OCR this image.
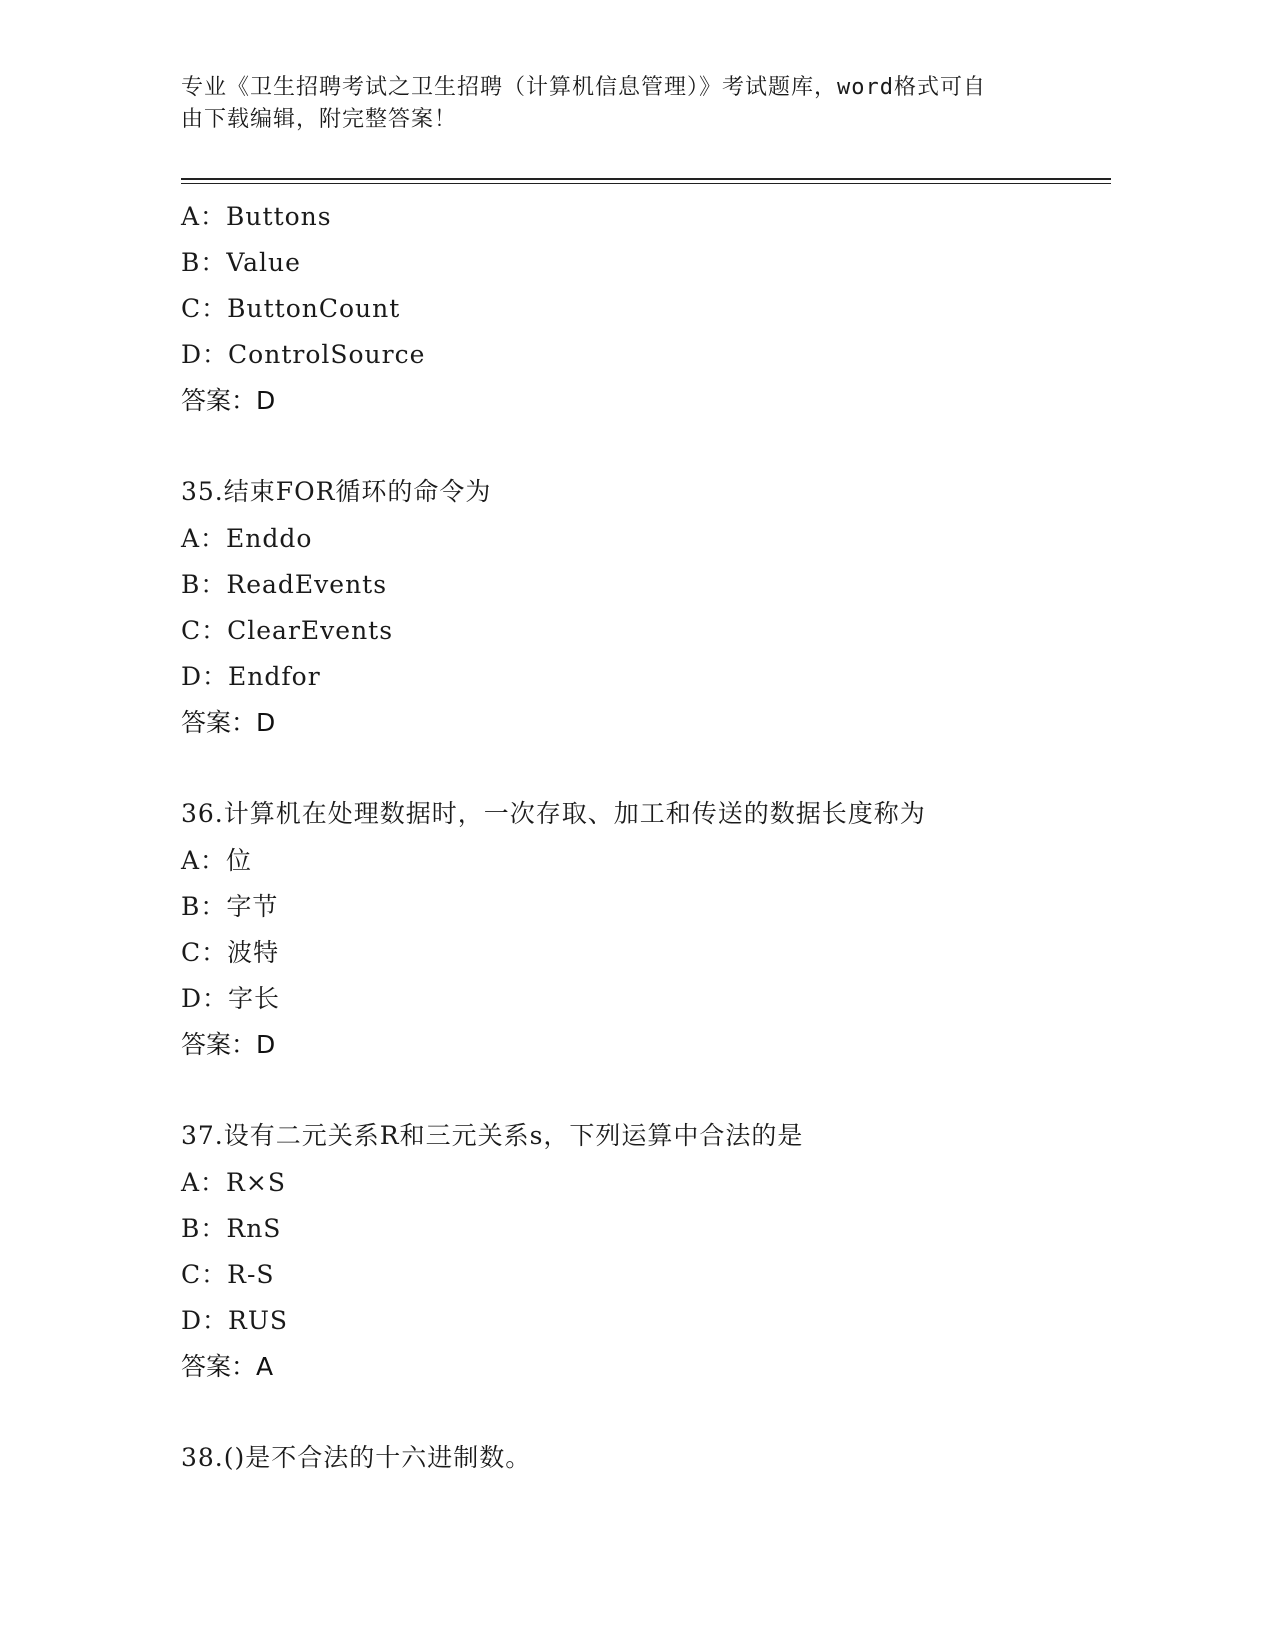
专业《卫生招聘考试之卫生招聘（计算机信息管理）》考试题库，word格式可自
由下载编辑，附完整答案！
A：Buttons
B：Value
C：ButtonCount
D：ControlSource
答案：D
35.结束FOR循环的命令为
A：Enddo
B：ReadEvents
C：ClearEvents
D：Endfor
答案：D
36.计算机在处理数据时，一次存取、加工和传送的数据长度称为
A：位
B：字节
C：波特
D：字长
答案：D
37.设有二元关系R和三元关系s，下列运算中合法的是
A：R×S
B：RnS
C：R-S
D：RUS
答案：A
38.()是不合法的十六进制数。
